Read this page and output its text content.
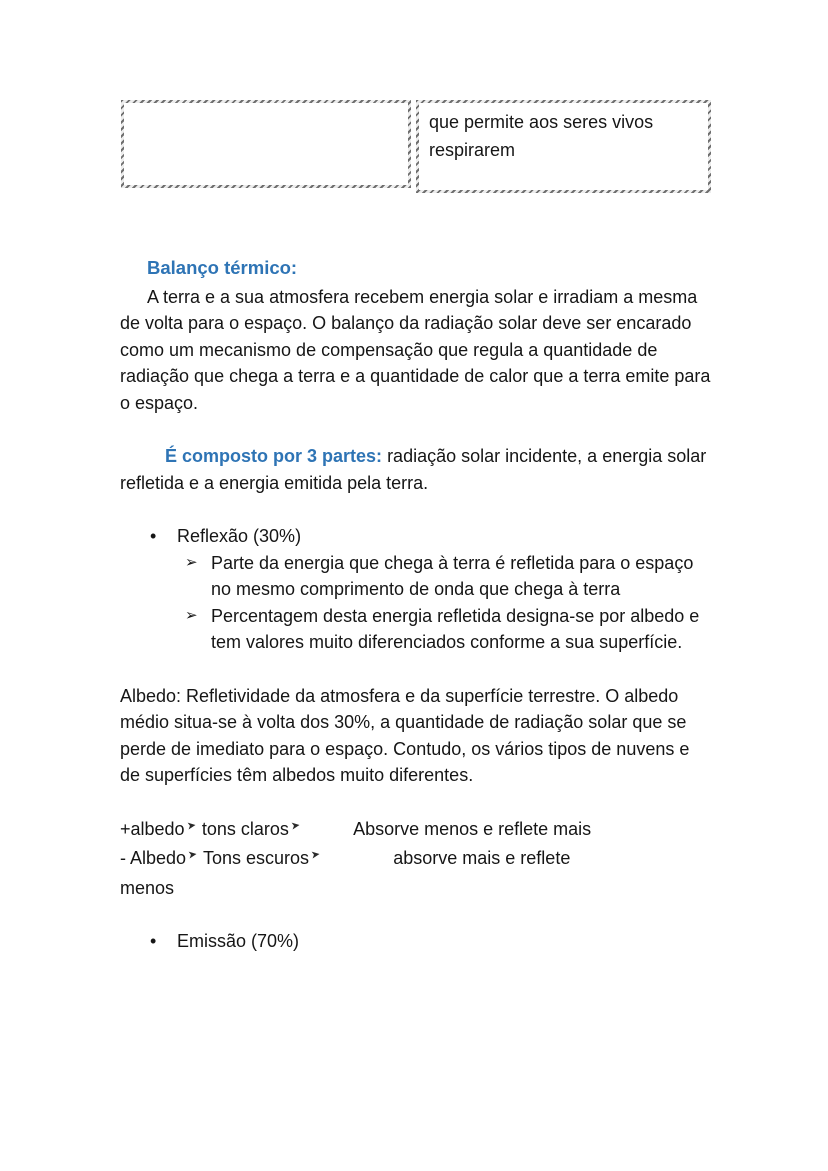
que permite aos seres vivos respirarem
Balanço térmico:

A terra e a sua atmosfera recebem energia solar e irradiam a mesma de volta para o espaço. O balanço da radiação solar deve ser encarado como um mecanismo de compensação que regula a quantidade de radiação que chega a terra e a quantidade de calor que a terra emite para o espaço.

É composto por 3 partes: radiação solar incidente, a energia solar refletida e a energia emitida pela terra.

•	Reflexão (30%)
➢ Parte da energia que chega à terra é refletida para o espaço no mesmo comprimento de onda que chega à terra
➢ Percentagem desta energia refletida designa-se por albedo e tem valores muito diferenciados conforme a sua superfície.

Albedo: Refletividade da atmosfera e da superfície terrestre. O albedo médio situa-se à volta dos 30%, a quantidade de radiação solar que se perde de imediato para o espaço. Contudo, os vários tipos de nuvens e de superfícies têm albedos muito diferentes.

+albedo➤ tons claros➤	Absorve menos e reflete mais

- Albedo➤ Tons escuros➤	absorve mais e reflete

menos

•	Emissão (70%)
